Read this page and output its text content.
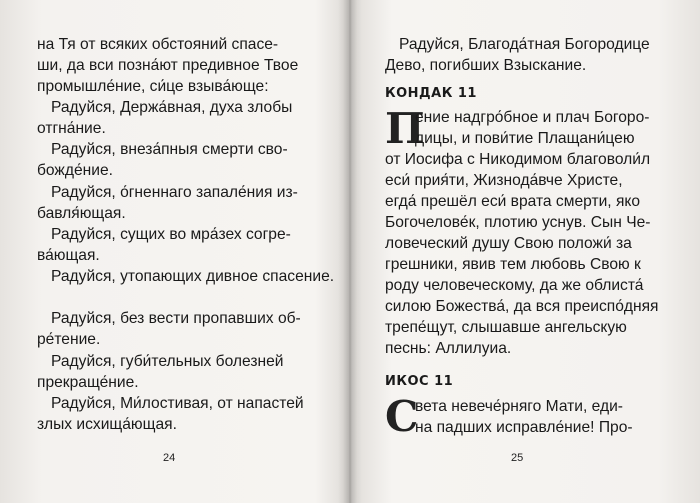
на Тя от всяких обстояний спасе-
ши, да вси позна́ют предивное Твое
промышле́ние, си́це взыва́юще:
Радуйся, Держа́вная, духа злобы
отгна́ние.
Радуйся, внеза́пныя смерти сво-
божде́ние.
Радуйся, о́гненнаго запале́ния из-
бавля́ющая.
Радуйся, сущих во мра́зех согре-
ва́ющая.
Радуйся, утопающих дивное спасение.
Радуйся, без вести пропавших об-
ре́тение.
Радуйся, губи́тельных болезней
прекраще́ние.
Радуйся, Ми́лостивая, от напастей
злых исхища́ющая.
24
Радуйся, Благода́тная Богородице
Дево, погибших Взыскание.
КОНДАК 11
П
ение надгро́бное и плач Богоро-
дицы, и пови́тие Плащани́цею
от Иосифа с Никодимом благоволи́л
еси́ прия́ти, Жизнода́вче Христе,
егда́ прешёл еси́ врата смерти, яко
Богочелове́к, плотию уснув. Сын Че-
ловеческий душу Свою положи́ за
грешники, явив тем любовь Свою к
роду человеческому, да же облиста́
силою Божества́, да вся преиспо́дняя
трепе́щут, слышавше ангельскую
песнь: Аллилуиа.
ИКОС 11
С
вета невече́рняго Мати, еди-
на падших исправле́ние! Про-
25
